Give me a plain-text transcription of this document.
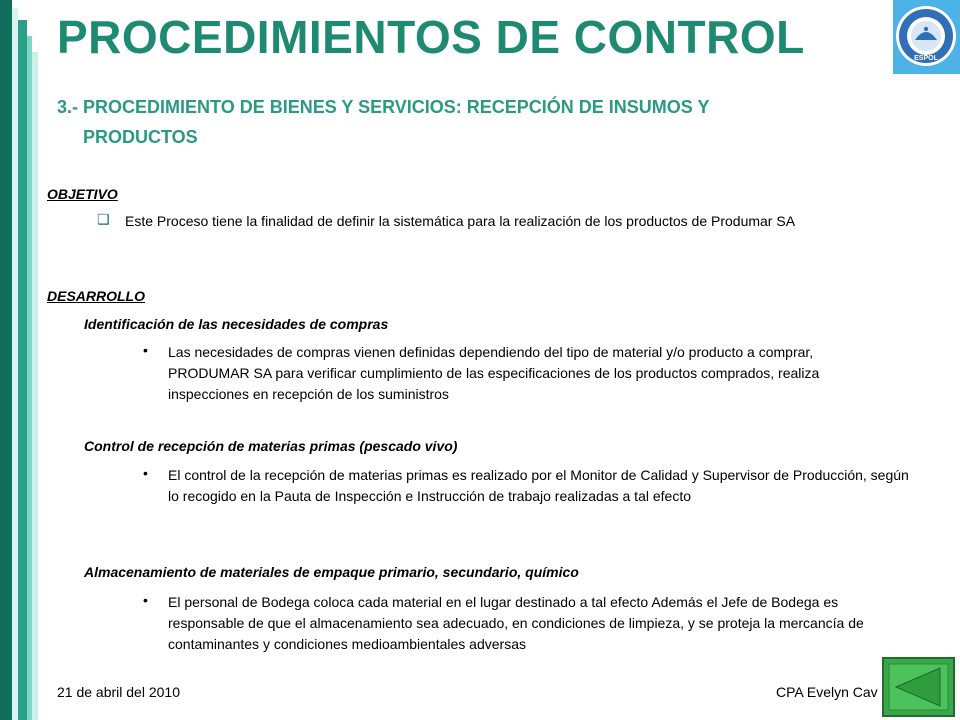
PROCEDIMIENTOS DE CONTROL	ESPOL
3.- PROCEDIMIENTO DE BIENES Y SERVICIOS: RECEPCIÓN DE INSUMOS Y
PRODUCTOS
OBJETIVO
❑ Este Proceso tiene la finalidad de definir la sistemática para la realización de los productos de Produmar SA
DESARROLLO
Identificación de las necesidades de compras
• Las necesidades de compras vienen definidas dependiendo del tipo de material y/o producto a comprar, PRODUMAR SA para verificar cumplimiento de las especificaciones de los productos comprados, realiza inspecciones en recepción de los suministros
Control de recepción de materias primas (pescado vivo)
• El control de la recepción de materias primas es realizado por el Monitor de Calidad y Supervisor de Producción, según lo recogido en la Pauta de Inspección e Instrucción de trabajo realizadas a tal efecto
Almacenamiento de materiales de empaque primario, secundario, químico
• El personal de Bodega coloca cada material en el lugar destinado a tal efecto Además el Jefe de Bodega es responsable de que el almacenamiento sea adecuado, en condiciones de limpieza, y se proteja la mercancía de contaminantes y condiciones medioambientales adversas
21 de abril del 2010	CPA Evelyn Cav
